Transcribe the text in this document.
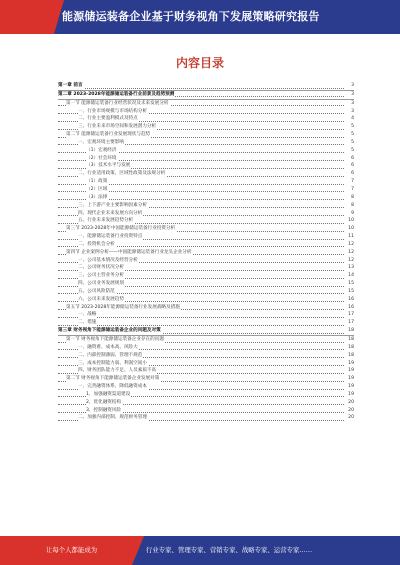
能源储运装备企业基于财务视角下发展策略研究报告
内容目录
第一章 前言	3
第二章 2023-2028年能源储运装备行业前景及趋势预测	3
第一节 能源储运装备行业经营状况及未来发展分析	3
一、行业市场规模与市场结构分析	3
二、行业主要盈利模式及特点	4
三、行业未来市场空间和发展潜力分析	5
第二节 能源储运装备行业发展现状与趋势	5
一、宏观环境主要影响	5
（1）宏观经济	5
（2）社会环境	6
（3）技术水平与发展	6
二、行业适用政策、区域性政策及法规分析	6
（1）政策	7
（2）区域	7
（3）法律	8
三、上下游产业主要影响因素分析	8
四、现代企业未来发展方向分析	9
五、行业未来发展趋势分析	10
第三节 2023-2028年中国能源储运装备行业投资分析	10
一、能源储运装备行业投资特点	11
二、投资机会分析	12
第四节 企业案例分析——中国能源储运装备行业龙头企业分析	12
一、公司基本情况及经营分析	12
二、公司财务状况分析	13
三、公司主营业务分析	14
四、公司业务发展规划	15
五、公司风险防范	15
六、公司未来发展趋势	16
第五节 2023-2028年能源储运装备行业发展战略及措施	16
一、战略	17
二、措施	17
第三章 财务视角下能源储运装备企业的问题及对策	18
第一节 财务视角下能源储运装备企业存在的问题	18
一、融资难、成本高、风险大	18
二、内部控制薄弱、管理不规范	18
三、成本控制能力弱、利润空间小	19
四、财务团队能力不足、人员素质不高	19
第二节 财务视角下能源储运装备企业发展对策	19
一、完善融资体系、降低融资成本	19
1、加强融资渠道建设	19
2、优化融资结构	20
3、控制融资风险	20
二、加强内部控制、规范财务管理	20
让每个人都能成为	行业专家、管理专家、营销专家、战略专家、运营专家……
